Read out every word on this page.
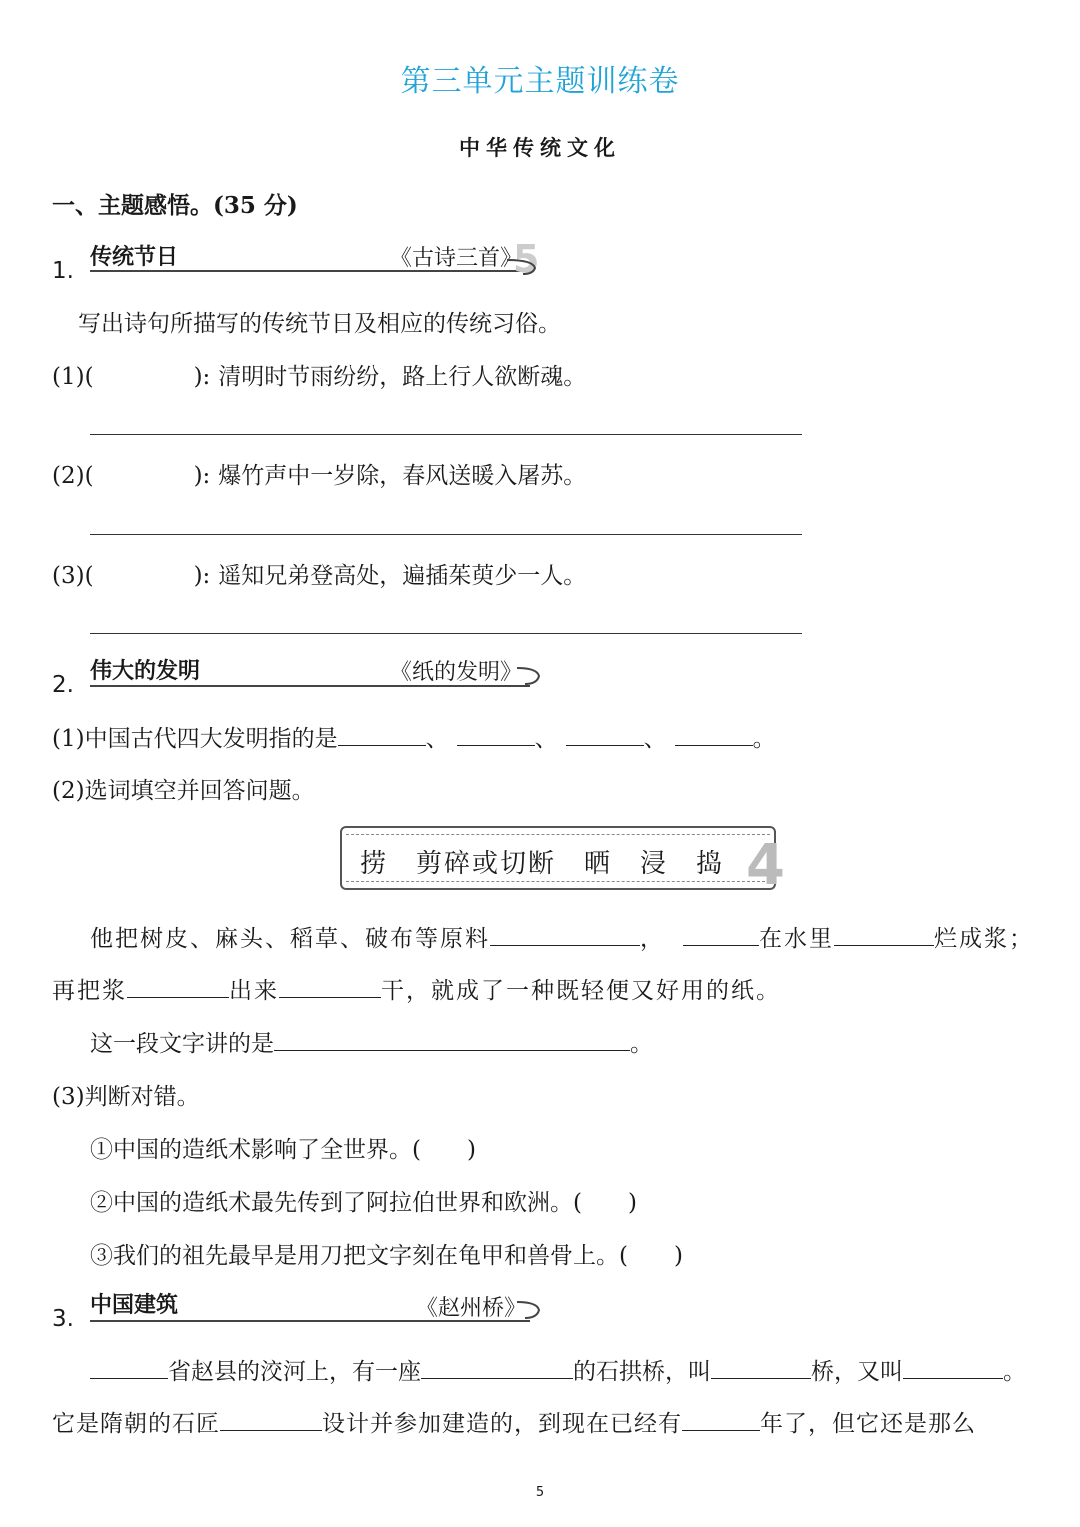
第三单元主题训练卷
中华传统文化
一、主题感悟。(35 分)
1.
传统节日	《古诗三首》
5
写出诗句所描写的传统节日及相应的传统习俗。
(1)(	): 清明时节雨纷纷，路上行人欲断魂。
(2)(	): 爆竹声中一岁除，春风送暖入屠苏。
(3)(	): 遥知兄弟登高处，遍插茱萸少一人。
2.
伟大的发明	《纸的发明》
(1)中国古代四大发明指的是	、	、	、	。
(2)选词填空并回答问题。
捞　剪碎或切断　晒　浸　捣 4
他把树皮、麻头、稻草、破布等原料	，	在水里	烂成浆；
再把浆	出来	干，就成了一种既轻便又好用的纸。
这一段文字讲的是	。
(3)判断对错。
①中国的造纸术影响了全世界。(　　)
②中国的造纸术最先传到了阿拉伯世界和欧洲。(　　)
③我们的祖先最早是用刀把文字刻在龟甲和兽骨上。(　　)
3.
中国建筑	《赵州桥》
省赵县的洨河上，有一座	的石拱桥，叫	桥，又叫	。
它是隋朝的石匠	设计并参加建造的，到现在已经有	年了，但它还是那么
5
